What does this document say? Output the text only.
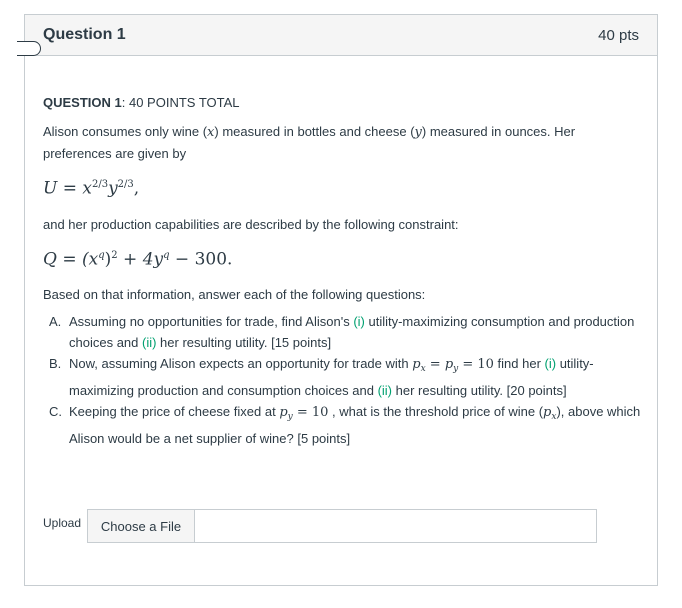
Question 1	40 pts
QUESTION 1: 40 POINTS TOTAL

Alison consumes only wine (x) measured in bottles and cheese (y) measured in ounces. Her preferences are given by

$U = x^{2/3}y^{2/3}$,

and her production capabilities are described by the following constraint:

$Q = (x^q)^2 + 4y^q - 300$.

Based on that information, answer each of the following questions:

A. Assuming no opportunities for trade, find Alison's (i) utility-maximizing consumption and production choices and (ii) her resulting utility. [15 points]
B. Now, assuming Alison expects an opportunity for trade with $p_x = p_y = 10$ find her (i) utility-maximizing production and consumption choices and (ii) her resulting utility. [20 points]
C. Keeping the price of cheese fixed at $p_y = 10$ , what is the threshold price of wine $(p_x)$, above which Alison would be a net supplier of wine? [5 points]
Upload	Choose a File
